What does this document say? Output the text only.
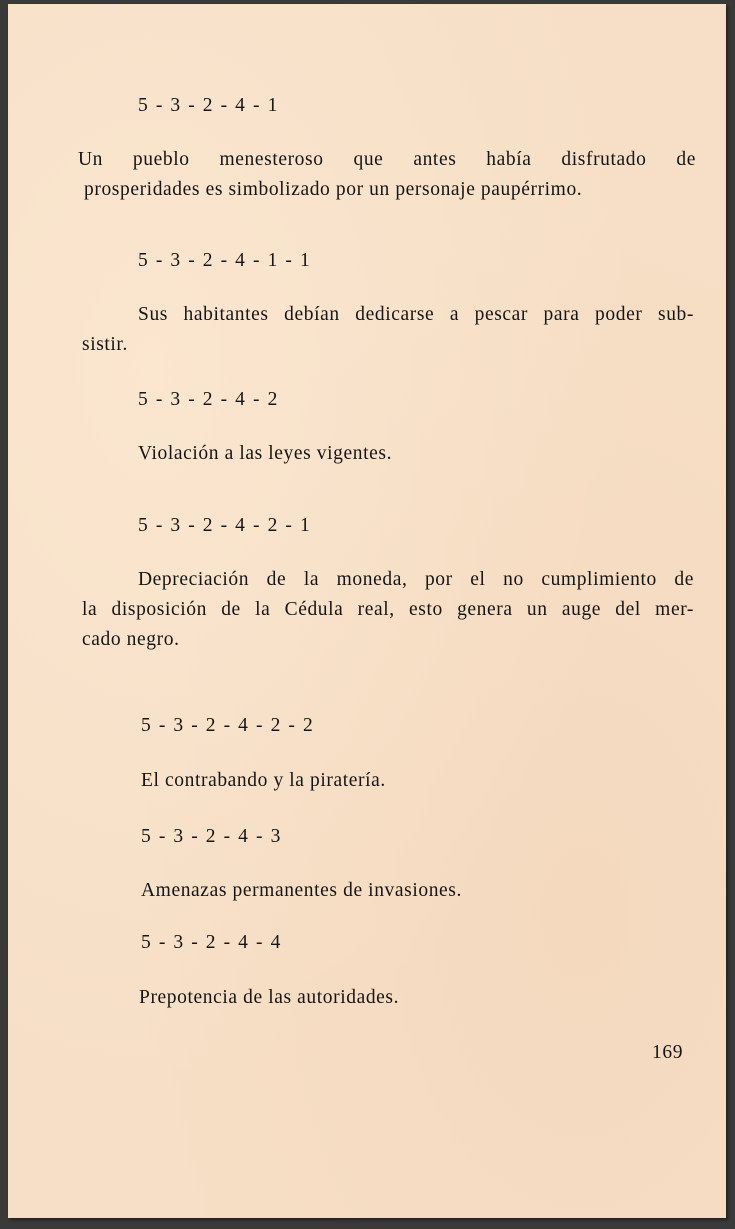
5 - 3 - 2 - 4 - 1
Un pueblo menesteroso que antes había disfrutado de
prosperidades es simbolizado por un personaje paupérrimo.
5 - 3 - 2 - 4 - 1 - 1
Sus habitantes debían dedicarse a pescar para poder sub-
sistir.
5 - 3 - 2 - 4 - 2
Violación a las leyes vigentes.
5 - 3 - 2 - 4 - 2 - 1
Depreciación de la moneda, por el no cumplimiento de
la disposición de la Cédula real, esto genera un auge del mer-
cado negro.
5 - 3 - 2 - 4 - 2 - 2
El contrabando y la piratería.
5 - 3 - 2 - 4 - 3
Amenazas permanentes de invasiones.
5 - 3 - 2 - 4 - 4
Prepotencia de las autoridades.
169
